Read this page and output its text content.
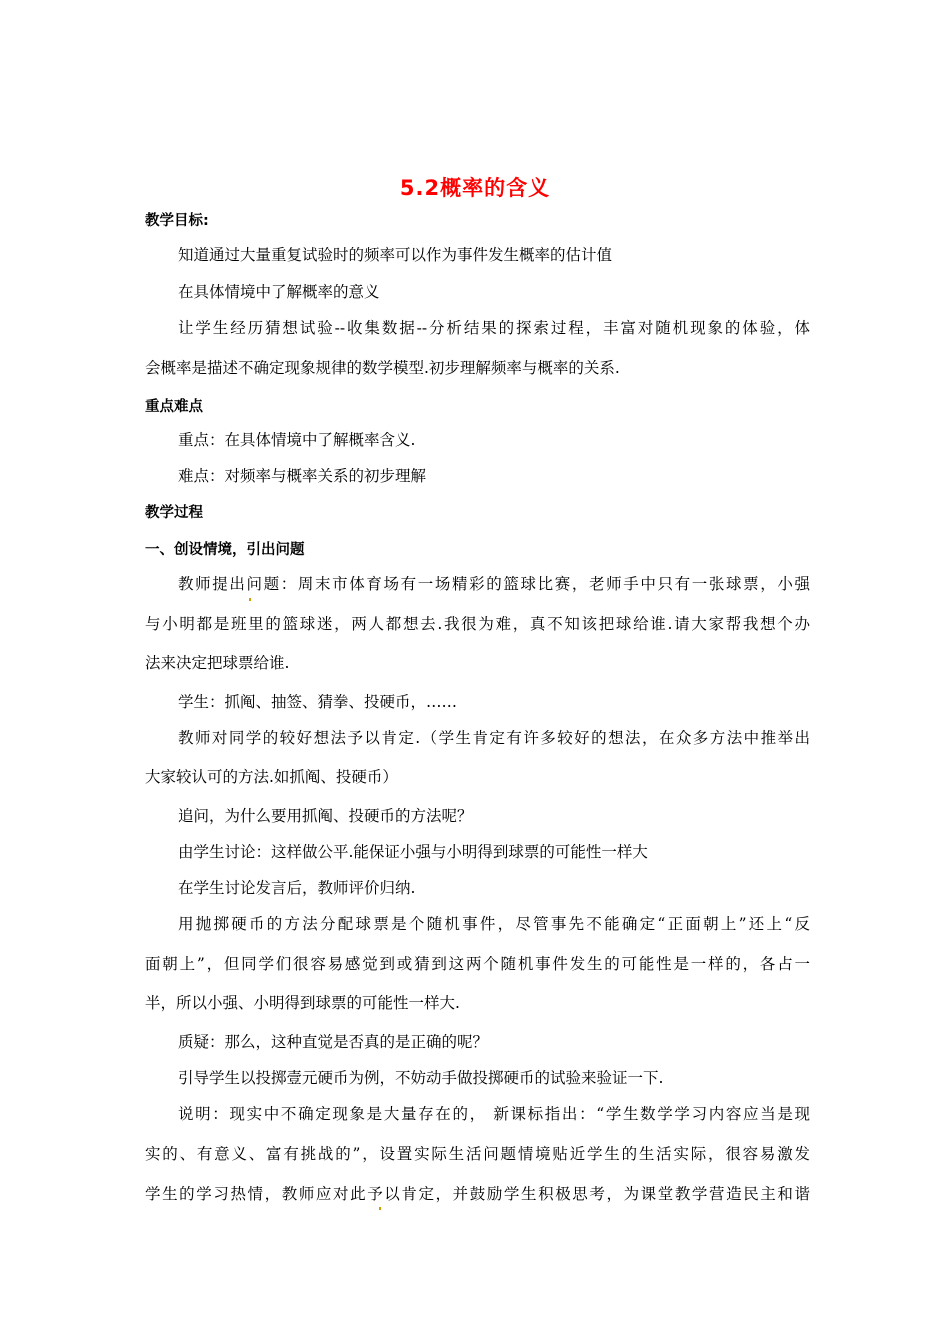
5.2概率的含义
教学目标:
知道通过大量重复试验时的频率可以作为事件发生概率的估计值
在具体情境中了解概率的意义
让学生经历猜想试验--收集数据--分析结果的探索过程，丰富对随机现象的体验，体
会概率是描述不确定现象规律的数学模型.初步理解频率与概率的关系.
重点难点
重点：在具体情境中了解概率含义.
难点：对频率与概率关系的初步理解
教学过程
一、创设情境，引出问题
教师提出问题：周末市体育场有一场精彩的篮球比赛，老师手中只有一张球票，小强
与小明都是班里的篮球迷，两人都想去.我很为难，真不知该把球给谁.请大家帮我想个办
法来决定把球票给谁.
学生：抓阄、抽签、猜拳、投硬币，……
教师对同学的较好想法予以肯定.（学生肯定有许多较好的想法，在众多方法中推举出
大家较认可的方法.如抓阄、投硬币）
追问，为什么要用抓阄、投硬币的方法呢？
由学生讨论：这样做公平.能保证小强与小明得到球票的可能性一样大
在学生讨论发言后，教师评价归纳.
用抛掷硬币的方法分配球票是个随机事件，尽管事先不能确定“正面朝上”还上“反
面朝上”，但同学们很容易感觉到或猜到这两个随机事件发生的可能性是一样的，各占一
半，所以小强、小明得到球票的可能性一样大.
质疑：那么，这种直觉是否真的是正确的呢？
引导学生以投掷壹元硬币为例，不妨动手做投掷硬币的试验来验证一下.
说明：现实中不确定现象是大量存在的， 新课标指出：“学生数学学习内容应当是现
实的、有意义、富有挑战的”，设置实际生活问题情境贴近学生的生活实际，很容易激发
学生的学习热情，教师应对此予以肯定，并鼓励学生积极思考，为课堂教学营造民主和谐
